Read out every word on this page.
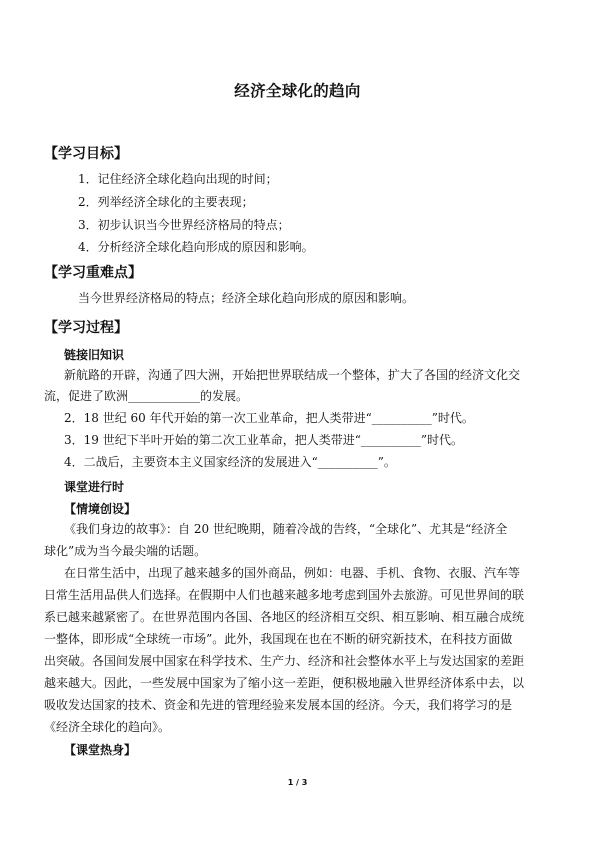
经济全球化的趋向
【学习目标】
1．记住经济全球化趋向出现的时间；
2．列举经济全球化的主要表现；
3．初步认识当今世界经济格局的特点；
4．分析经济全球化趋向形成的原因和影响。
【学习重难点】
当今世界经济格局的特点；经济全球化趋向形成的原因和影响。
【学习过程】
链接旧知识
新航路的开辟，沟通了四大洲，开始把世界联结成一个整体，扩大了各国的经济文化交
流，促进了欧洲____________的发展。
2．18 世纪 60 年代开始的第一次工业革命，把人类带进“__________”时代。
3．19 世纪下半叶开始的第二次工业革命，把人类带进“__________”时代。
4．二战后，主要资本主义国家经济的发展进入“__________”。
课堂进行时
【情境创设】
《我们身边的故事》：自 20 世纪晚期，随着冷战的告终，“全球化”、尤其是“经济全
球化”成为当今最尖端的话题。
在日常生活中，出现了越来越多的国外商品，例如：电器、手机、食物、衣服、汽车等
日常生活用品供人们选择。在假期中人们也越来越多地考虑到国外去旅游。可见世界间的联
系已越来越紧密了。在世界范围内各国、各地区的经济相互交织、相互影响、相互融合成统
一整体，即形成“全球统一市场”。此外，我国现在也在不断的研究新技术，在科技方面做
出突破。各国间发展中国家在科学技术、生产力、经济和社会整体水平上与发达国家的差距
越来越大。因此，一些发展中国家为了缩小这一差距，便积极地融入世界经济体系中去，以
吸收发达国家的技术、资金和先进的管理经验来发展本国的经济。今天，我们将学习的是
《经济全球化的趋向》。
【课堂热身】
1 / 3
